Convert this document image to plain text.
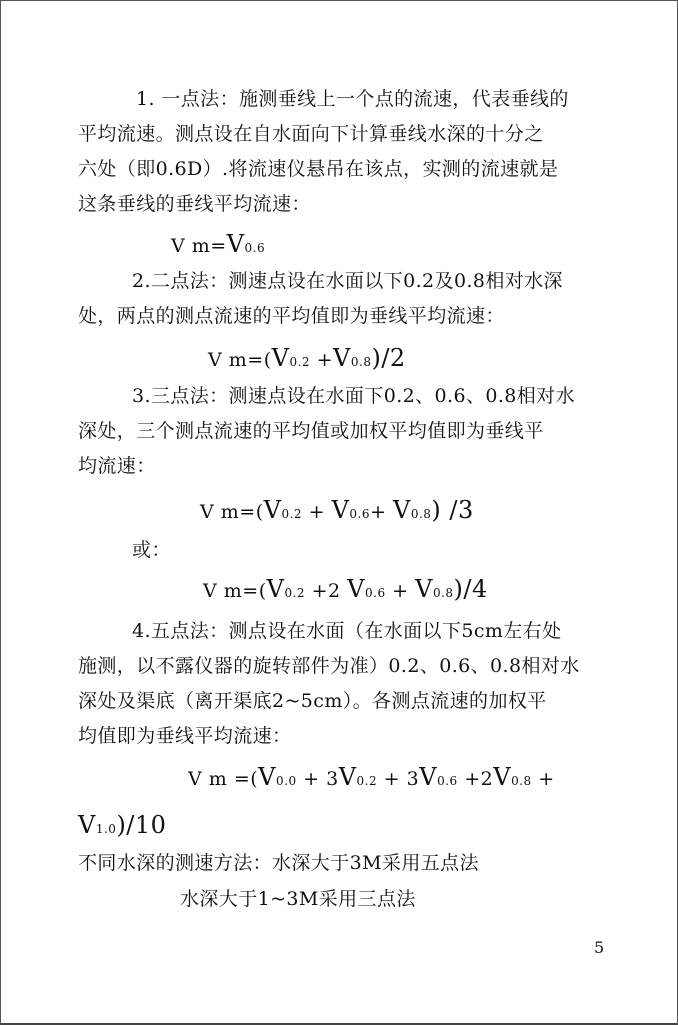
1. 一点法：施测垂线上一个点的流速，代表垂线的
平均流速。测点设在自水面向下计算垂线水深的十分之
六处（即0.6D）.将流速仪悬吊在该点，实测的流速就是
这条垂线的垂线平均流速：
V m=V0.6
2.二点法：测速点设在水面以下0.2及0.8相对水深
处，两点的测点流速的平均值即为垂线平均流速：
V m=(V0.2 +V0.8)/2
3.三点法：测速点设在水面下0.2、0.6、0.8相对水
深处，三个测点流速的平均值或加权平均值即为垂线平
均流速：
V m=(V0.2 + V0.6+ V0.8) /3
或：
V m=(V0.2 +2 V0.6 + V0.8)/4
4.五点法：测点设在水面（在水面以下5cm左右处
施测，以不露仪器的旋转部件为准）0.2、0.6、0.8相对水
深处及渠底（离开渠底2~5cm）。各测点流速的加权平
均值即为垂线平均流速：
V m =(V0.0 + 3V0.2 + 3V0.6 +2V0.8 +
V1.0)/10
不同水深的测速方法：水深大于3M采用五点法
水深大于1~3M采用三点法
5
